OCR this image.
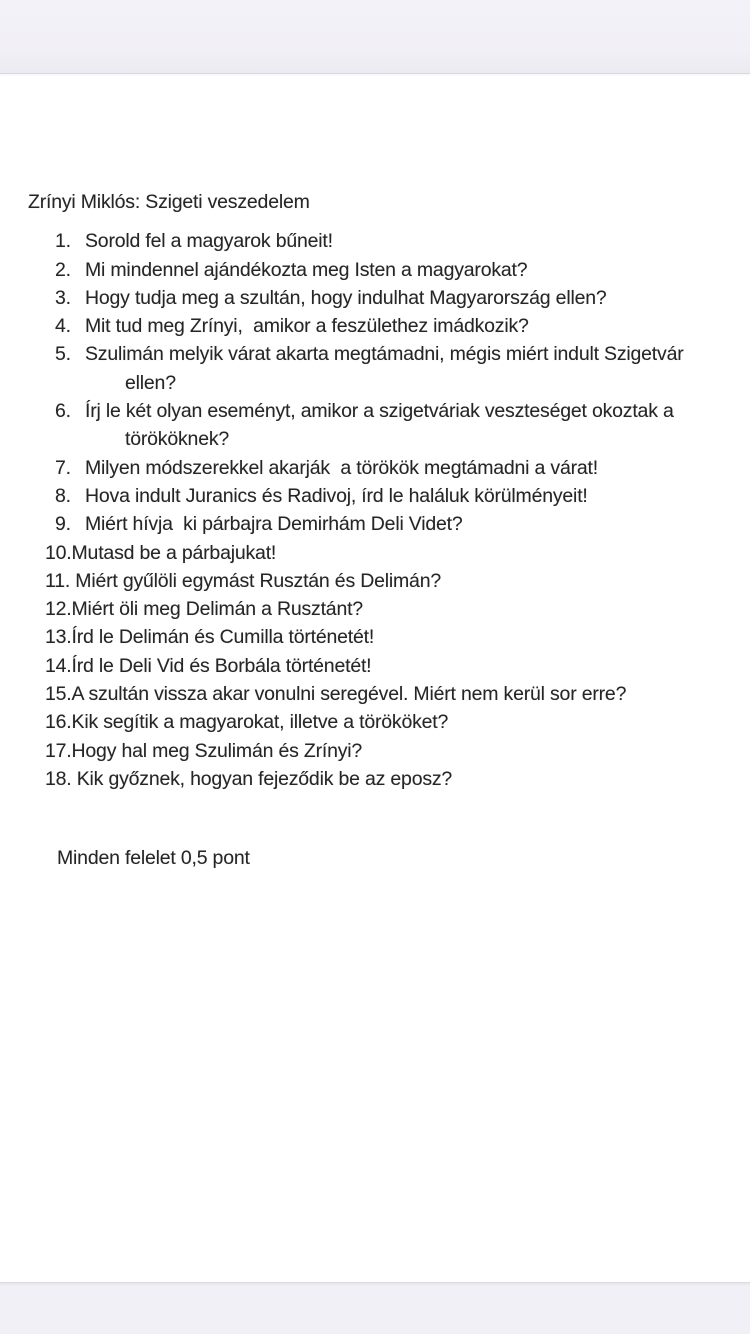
Zrínyi Miklós: Szigeti veszedelem
1. Sorold fel a magyarok bűneit!
2. Mi mindennel ajándékozta meg Isten a magyarokat?
3. Hogy tudja meg a szultán, hogy indulhat Magyarország ellen?
4. Mit tud meg Zrínyi,  amikor a feszülethez imádkozik?
5. Szulimán melyik várat akarta megtámadni, mégis miért indult Szigetvár
ellen?
6. Írj le két olyan eseményt, amikor a szigetváriak veszteséget okoztak a
törököknek?
7. Milyen módszerekkel akarják  a törökök megtámadni a várat!
8. Hova indult Juranics és Radivoj, írd le haláluk körülményeit!
9. Miért hívja  ki párbajra Demirhám Deli Videt?
10.Mutasd be a párbajukat!
11. Miért gyűlöli egymást Rusztán és Delimán?
12.Miért öli meg Delimán a Rusztánt?
13.Írd le Delimán és Cumilla történetét!
14.Írd le Deli Vid és Borbála történetét!
15.A szultán vissza akar vonulni seregével. Miért nem kerül sor erre?
16.Kik segítik a magyarokat, illetve a törököket?
17.Hogy hal meg Szulimán és Zrínyi?
18. Kik győznek, hogyan fejeződik be az eposz?

Minden felelet 0,5 pont
